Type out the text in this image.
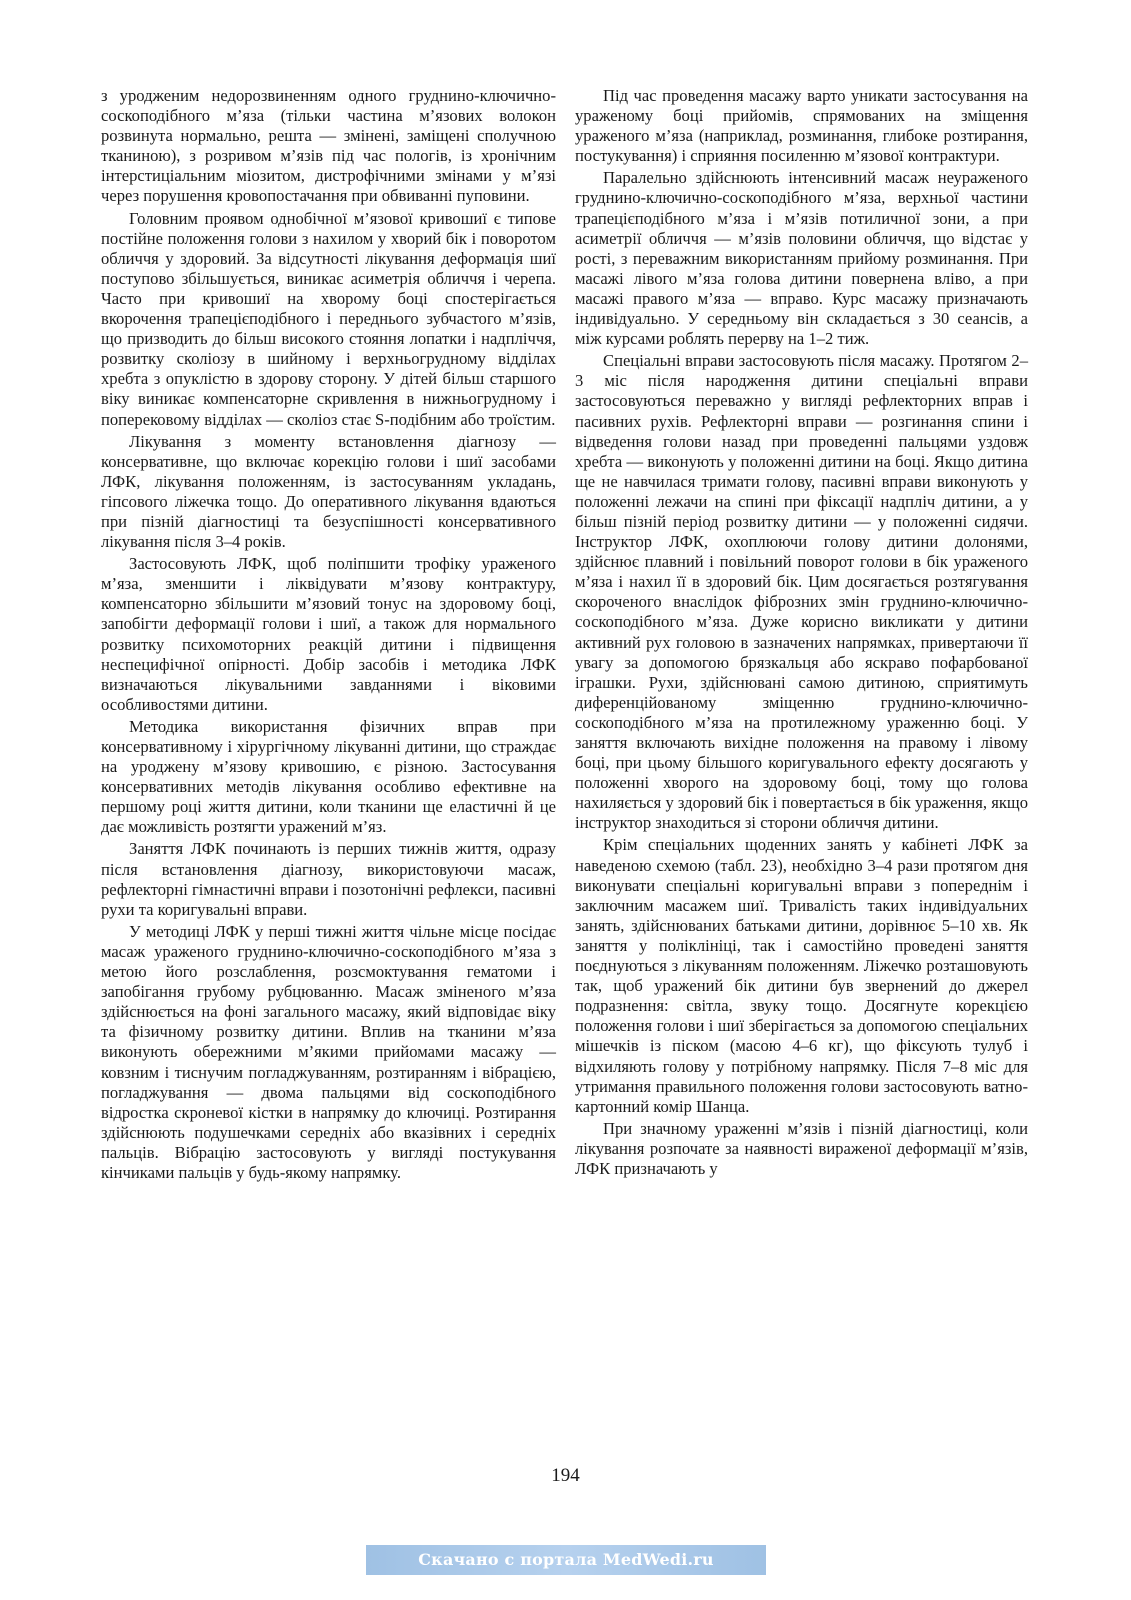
з уродженим недорозвиненням одного груднино-ключично-соскоподібного м’яза (тільки частина м’язових волокон розвинута нормально, решта — змінені, заміщені сполучною тканиною), з розривом м’язів під час пологів, із хронічним інтерстиціальним міозитом, дистрофічними змінами у м’язі через порушення кровопостачання при обвиванні пуповини.

Головним проявом однобічної м’язової кривошиї є типове постійне положення голови з нахилом у хворий бік і поворотом обличчя у здоровий. За відсутності лікування деформація шиї поступово збільшується, виникає асиметрія обличчя і черепа. Часто при кривошиї на хворому боці спостерігається вкорочення трапецієподібного і переднього зубчастого м’язів, що призводить до більш високого стояння лопатки і надпліччя, розвитку сколіозу в шийному і верхньогрудному відділах хребта з опуклістю в здорову сторону. У дітей більш старшого віку виникає компенсаторне скривлення в нижньогрудному і поперековому відділах — сколіоз стає S-подібним або троїстим.

Лікування з моменту встановлення діагнозу — консервативне, що включає корекцію голови і шиї засобами ЛФК, лікування положенням, із застосуванням укладань, гіпсового ліжечка тощо. До оперативного лікування вдаються при пізній діагностиці та безуспішності консервативного лікування після 3–4 років.

Застосовують ЛФК, щоб поліпшити трофіку ураженого м’яза, зменшити і ліквідувати м’язову контрактуру, компенсаторно збільшити м’язовий тонус на здоровому боці, запобігти деформації голови і шиї, а також для нормального розвитку психомоторних реакцій дитини і підвищення неспецифічної опірності. Добір засобів і методика ЛФК визначаються лікувальними завданнями і віковими особливостями дитини.

Методика використання фізичних вправ при консервативному і хірургічному лікуванні дитини, що страждає на уроджену м’язову кривошию, є різною. Застосування консервативних методів лікування особливо ефективне на першому році життя дитини, коли тканини ще еластичні й це дає можливість розтягти уражений м’яз.

Заняття ЛФК починають із перших тижнів життя, одразу після встановлення діагнозу, використовуючи масаж, рефлекторні гімнастичні вправи і позотонічні рефлекси, пасивні рухи та коригувальні вправи.

У методиці ЛФК у перші тижні життя чільне місце посідає масаж ураженого груднино-ключично-соскоподібного м’яза з метою його розслаблення, розсмоктування гематоми і запобігання грубому рубцюванню. Масаж зміненого м’яза здійснюється на фоні загального масажу, який відповідає віку та фізичному розвитку дитини. Вплив на тканини м’яза виконують обережними м’якими прийомами масажу — ковзним і тиснучим погладжуванням, розтиранням і вібрацією, погладжування — двома пальцями від соскоподібного відростка скроневої кістки в напрямку до ключиці. Розтирання здійснюють подушечками середніх або вказівних і середніх пальців. Вібрацію застосовують у вигляді постукування кінчиками пальців у будь-якому напрямку.

Під час проведення масажу варто уникати застосування на ураженому боці прийомів, спрямованих на зміщення ураженого м’яза (наприклад, розминання, глибоке розтирання, постукування) і сприяння посиленню м’язової контрактури.

Паралельно здійснюють інтенсивний масаж неураженого груднино-ключично-соскоподібного м’яза, верхньої частини трапецієподібного м’яза і м’язів потиличної зони, а при асиметрії обличчя — м’язів половини обличчя, що відстає у рості, з переважним використанням прийому розминання. При масажі лівого м’яза голова дитини повернена вліво, а при масажі правого м’яза — вправо. Курс масажу призначають індивідуально. У середньому він складається з 30 сеансів, а між курсами роблять перерву на 1–2 тиж.

Спеціальні вправи застосовують після масажу. Протягом 2–3 міс після народження дитини спеціальні вправи застосовуються переважно у вигляді рефлекторних вправ і пасивних рухів. Рефлекторні вправи — розгинання спини і відведення голови назад при проведенні пальцями уздовж хребта — виконують у положенні дитини на боці. Якщо дитина ще не навчилася тримати голову, пасивні вправи виконують у положенні лежачи на спині при фіксації надпліч дитини, а у більш пізній період розвитку дитини — у положенні сидячи. Інструктор ЛФК, охоплюючи голову дитини долонями, здійснює плавний і повільний поворот голови в бік ураженого м’яза і нахил її в здоровий бік. Цим досягається розтягування скороченого внаслідок фіброзних змін груднино-ключично-соскоподібного м’яза. Дуже корисно викликати у дитини активний рух головою в зазначених напрямках, привертаючи її увагу за допомогою брязкальця або яскраво пофарбованої іграшки. Рухи, здійснювані самою дитиною, сприятимуть диференційованому зміщенню груднино-ключично-соскоподібного м’яза на протилежному ураженню боці. У заняття включають вихідне положення на правому і лівому боці, при цьому більшого коригувального ефекту досягають у положенні хворого на здоровому боці, тому що голова нахиляється у здоровий бік і повертається в бік ураження, якщо інструктор знаходиться зі сторони обличчя дитини.

Крім спеціальних щоденних занять у кабінеті ЛФК за наведеною схемою (табл. 23), необхідно 3–4 рази протягом дня виконувати спеціальні коригувальні вправи з попереднім і заключним масажем шиї. Тривалість таких індивідуальних занять, здійснюваних батьками дитини, дорівнює 5–10 хв. Як заняття у поліклініці, так і самостійно проведені заняття поєднуються з лікуванням положенням. Ліжечко розташовують так, щоб уражений бік дитини був звернений до джерел подразнення: світла, звуку тощо. Досягнуте корекцією положення голови і шиї зберігається за допомогою спеціальних мішечків із піском (масою 4–6 кг), що фіксують тулуб і відхиляють голову у потрібному напрямку. Після 7–8 міс для утримання правильного положення голови застосовують ватно-картонний комір Шанца.

При значному ураженні м’язів і пізній діагностиці, коли лікування розпочате за наявності вираженої деформації м’язів, ЛФК призначають у

194
Скачано с портала MedWedi.ru
